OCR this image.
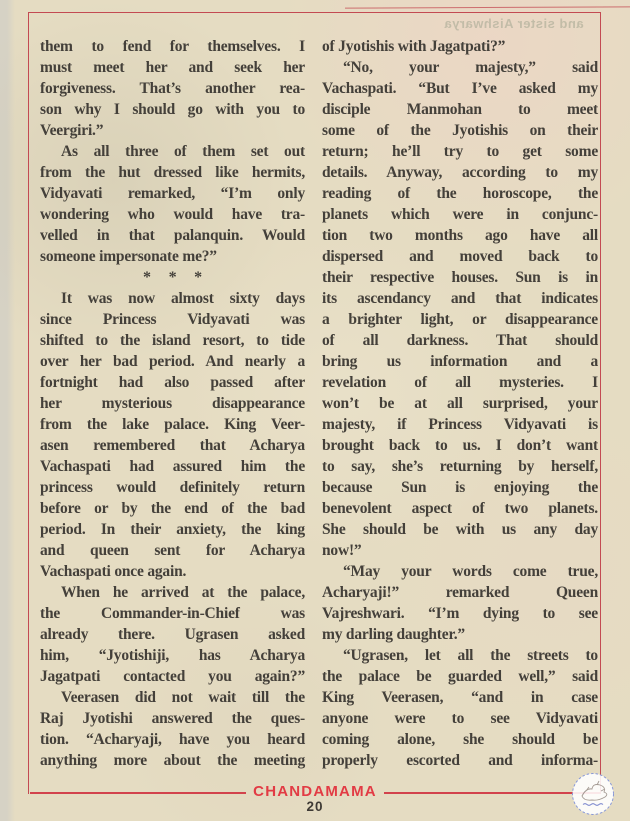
and sister Aishwarya
them to fend for themselves. I
must meet her and seek her
forgiveness. That’s another rea-
son why I should go with you to
Veergiri.”
As all three of them set out
from the hut dressed like hermits,
Vidyavati remarked, “I’m only
wondering who would have tra-
velled in that palanquin. Would
someone impersonate me?”
* * *
It was now almost sixty days
since Princess Vidyavati was
shifted to the island resort, to tide
over her bad period. And nearly a
fortnight had also passed after
her mysterious disappearance
from the lake palace. King Veer-
asen remembered that Acharya
Vachaspati had assured him the
princess would definitely return
before or by the end of the bad
period. In their anxiety, the king
and queen sent for Acharya
Vachaspati once again.
When he arrived at the palace,
the Commander-in-Chief was
already there. Ugrasen asked
him, “Jyotishiji, has Acharya
Jagatpati contacted you again?”
Veerasen did not wait till the
Raj Jyotishi answered the ques-
tion. “Acharyaji, have you heard
anything more about the meeting
of Jyotishis with Jagatpati?”
“No, your majesty,” said
Vachaspati. “But I’ve asked my
disciple Manmohan to meet
some of the Jyotishis on their
return; he’ll try to get some
details. Anyway, according to my
reading of the horoscope, the
planets which were in conjunc-
tion two months ago have all
dispersed and moved back to
their respective houses. Sun is in
its ascendancy and that indicates
a brighter light, or disappearance
of all darkness. That should
bring us information and a
revelation of all mysteries. I
won’t be at all surprised, your
majesty, if Princess Vidyavati is
brought back to us. I don’t want
to say, she’s returning by herself,
because Sun is enjoying the
benevolent aspect of two planets.
She should be with us any day
now!”
“May your words come true,
Acharyaji!” remarked Queen
Vajreshwari. “I’m dying to see
my darling daughter.”
“Ugrasen, let all the streets to
the palace be guarded well,” said
King Veerasen, “and in case
anyone were to see Vidyavati
coming alone, she should be
properly escorted and informa-
CHANDAMAMA
20
